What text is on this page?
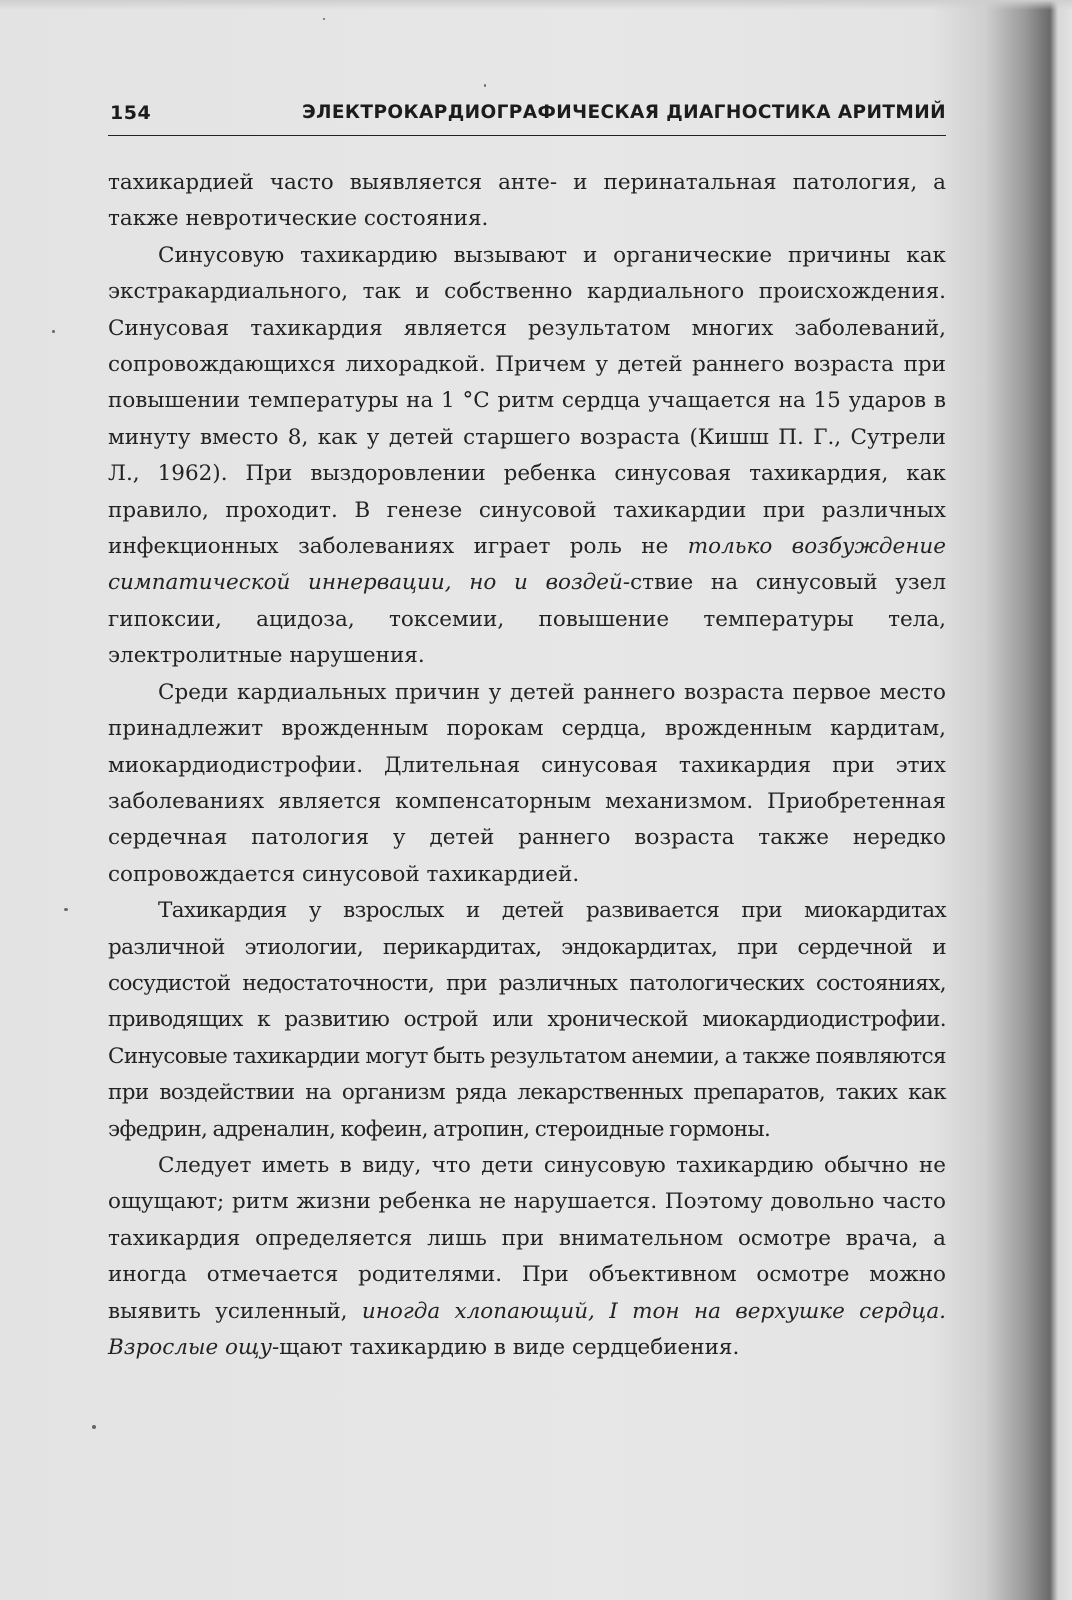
154	ЭЛЕКТРОКАРДИОГРАФИЧЕСКАЯ ДИАГНОСТИКА АРИТМИЙ

тахикардией часто выявляется анте- и перинатальная патология, а также невротические состояния.

Синусовую тахикардию вызывают и органические причины как экстракардиального, так и собственно кардиального происхождения. Синусовая тахикардия является результатом многих заболеваний, сопровождающихся лихорадкой. Причем у детей раннего возраста при повышении температуры на 1 °С ритм сердца учащается на 15 ударов в минуту вместо 8, как у детей старшего возраста (Кишш П. Г., Сутрели Л., 1962). При выздоровлении ребенка синусовая тахикардия, как правило, проходит. В генезе синусовой тахикардии при различных инфекционных заболеваниях играет роль не только возбуждение симпатической иннервации, но и воздей-ствие на синусовый узел гипоксии, ацидоза, токсемии, повышение температуры тела, электролитные нарушения.

Среди кардиальных причин у детей раннего возраста первое место принадлежит врожденным порокам сердца, врожденным кардитам, миокардиодистрофии. Длительная синусовая тахикардия при этих заболеваниях является компенсаторным механизмом. Приобретенная сердечная патология у детей раннего возраста также нередко сопровождается синусовой тахикардией.

Тахикардия у взрослых и детей развивается при миокардитах различной этиологии, перикардитах, эндокардитах, при сердечной и сосудистой недостаточности, при различных патологических состояниях, приводящих к развитию острой или хронической миокардиодистрофии. Синусовые тахикардии могут быть результатом анемии, а также появляются при воздействии на организм ряда лекарственных препаратов, таких как эфедрин, адреналин, кофеин, атропин, стероидные гормоны.

Следует иметь в виду, что дети синусовую тахикардию обычно не ощущают; ритм жизни ребенка не нарушается. Поэтому довольно часто тахикардия определяется лишь при внимательном осмотре врача, а иногда отмечается родителями. При объективном осмотре можно выявить усиленный, иногда хлопающий, I тон на верхушке сердца. Взрослые ощу-щают тахикардию в виде сердцебиения.
